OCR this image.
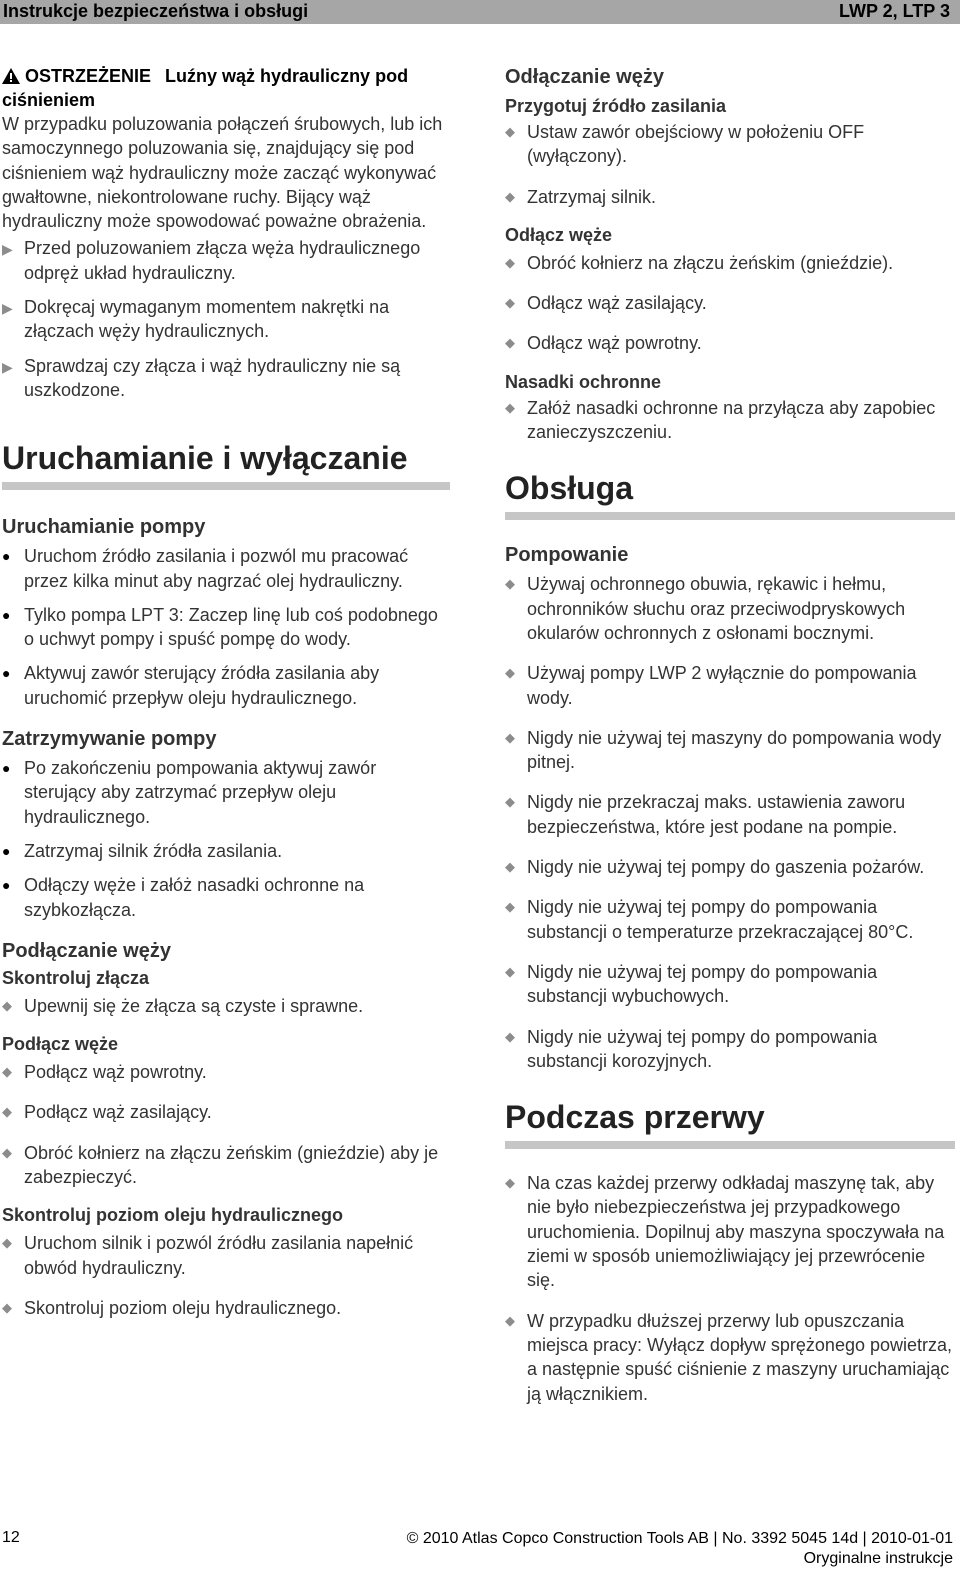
Instrukcje bezpieczeństwa i obsługi	LWP 2, LTP 3

OSTRZEŻENIE Luźny wąż hydrauliczny pod ciśnieniem

W przypadku poluzowania połączeń śrubowych, lub ich samoczynnego poluzowania się, znajdujący się pod ciśnieniem wąż hydrauliczny może zacząć wykonywać gwałtowne, niekontrolowane ruchy. Bijący wąż hydrauliczny może spowodować poważne obrażenia.

▶ Przed poluzowaniem złącza węża hydraulicznego odpręż układ hydrauliczny.
▶ Dokręcaj wymaganym momentem nakrętki na złączach węży hydraulicznych.
▶ Sprawdzaj czy złącza i wąż hydrauliczny nie są uszkodzone.

Uruchamianie i wyłączanie

Uruchamianie pompy

● Uruchom źródło zasilania i pozwól mu pracować przez kilka minut aby nagrzać olej hydrauliczny.
● Tylko pompa LPT 3: Zaczep linę lub coś podobnego o uchwyt pompy i spuść pompę do wody.
● Aktywuj zawór sterujący źródła zasilania aby uruchomić przepływ oleju hydraulicznego.

Zatrzymywanie pompy

● Po zakończeniu pompowania aktywuj zawór sterujący aby zatrzymać przepływ oleju hydraulicznego.
● Zatrzymaj silnik źródła zasilania.
● Odłączy węże i załóż nasadki ochronne na szybkozłącza.

Podłączanie węży

Skontroluj złącza

◆ Upewnij się że złącza są czyste i sprawne.

Podłącz węże

◆ Podłącz wąż powrotny.
◆ Podłącz wąż zasilający.
◆ Obróć kołnierz na złączu żeńskim (gnieździe) aby je zabezpieczyć.

Skontroluj poziom oleju hydraulicznego

◆ Uruchom silnik i pozwól źródłu zasilania napełnić obwód hydrauliczny.
◆ Skontroluj poziom oleju hydraulicznego.

Odłączanie węży

Przygotuj źródło zasilania

◆ Ustaw zawór obejściowy w położeniu OFF (wyłączony).
◆ Zatrzymaj silnik.

Odłącz węże

◆ Obróć kołnierz na złączu żeńskim (gnieździe).
◆ Odłącz wąż zasilający.
◆ Odłącz wąż powrotny.

Nasadki ochronne

◆ Załóż nasadki ochronne na przyłącza aby zapobiec zanieczyszczeniu.

Obsługa

Pompowanie

◆ Używaj ochronnego obuwia, rękawic i hełmu, ochronników słuchu oraz przeciwodpryskowych okularów ochronnych z osłonami bocznymi.
◆ Używaj pompy LWP 2 wyłącznie do pompowania wody.
◆ Nigdy nie używaj tej maszyny do pompowania wody pitnej.
◆ Nigdy nie przekraczaj maks. ustawienia zaworu bezpieczeństwa, które jest podane na pompie.
◆ Nigdy nie używaj tej pompy do gaszenia pożarów.
◆ Nigdy nie używaj tej pompy do pompowania substancji o temperaturze przekraczającej 80°C.
◆ Nigdy nie używaj tej pompy do pompowania substancji wybuchowych.
◆ Nigdy nie używaj tej pompy do pompowania substancji korozyjnych.

Podczas przerwy

◆ Na czas każdej przerwy odkładaj maszynę tak, aby nie było niebezpieczeństwa jej przypadkowego uruchomienia. Dopilnuj aby maszyna spoczywała na ziemi w sposób uniemożliwiający jej przewrócenie się.
◆ W przypadku dłuższej przerwy lub opuszczania miejsca pracy: Wyłącz dopływ sprężonego powietrza, a następnie spuść ciśnienie z maszyny uruchamiając ją włącznikiem.
12	© 2010 Atlas Copco Construction Tools AB | No. 3392 5045 14d | 2010-01-01
Oryginalne instrukcje
